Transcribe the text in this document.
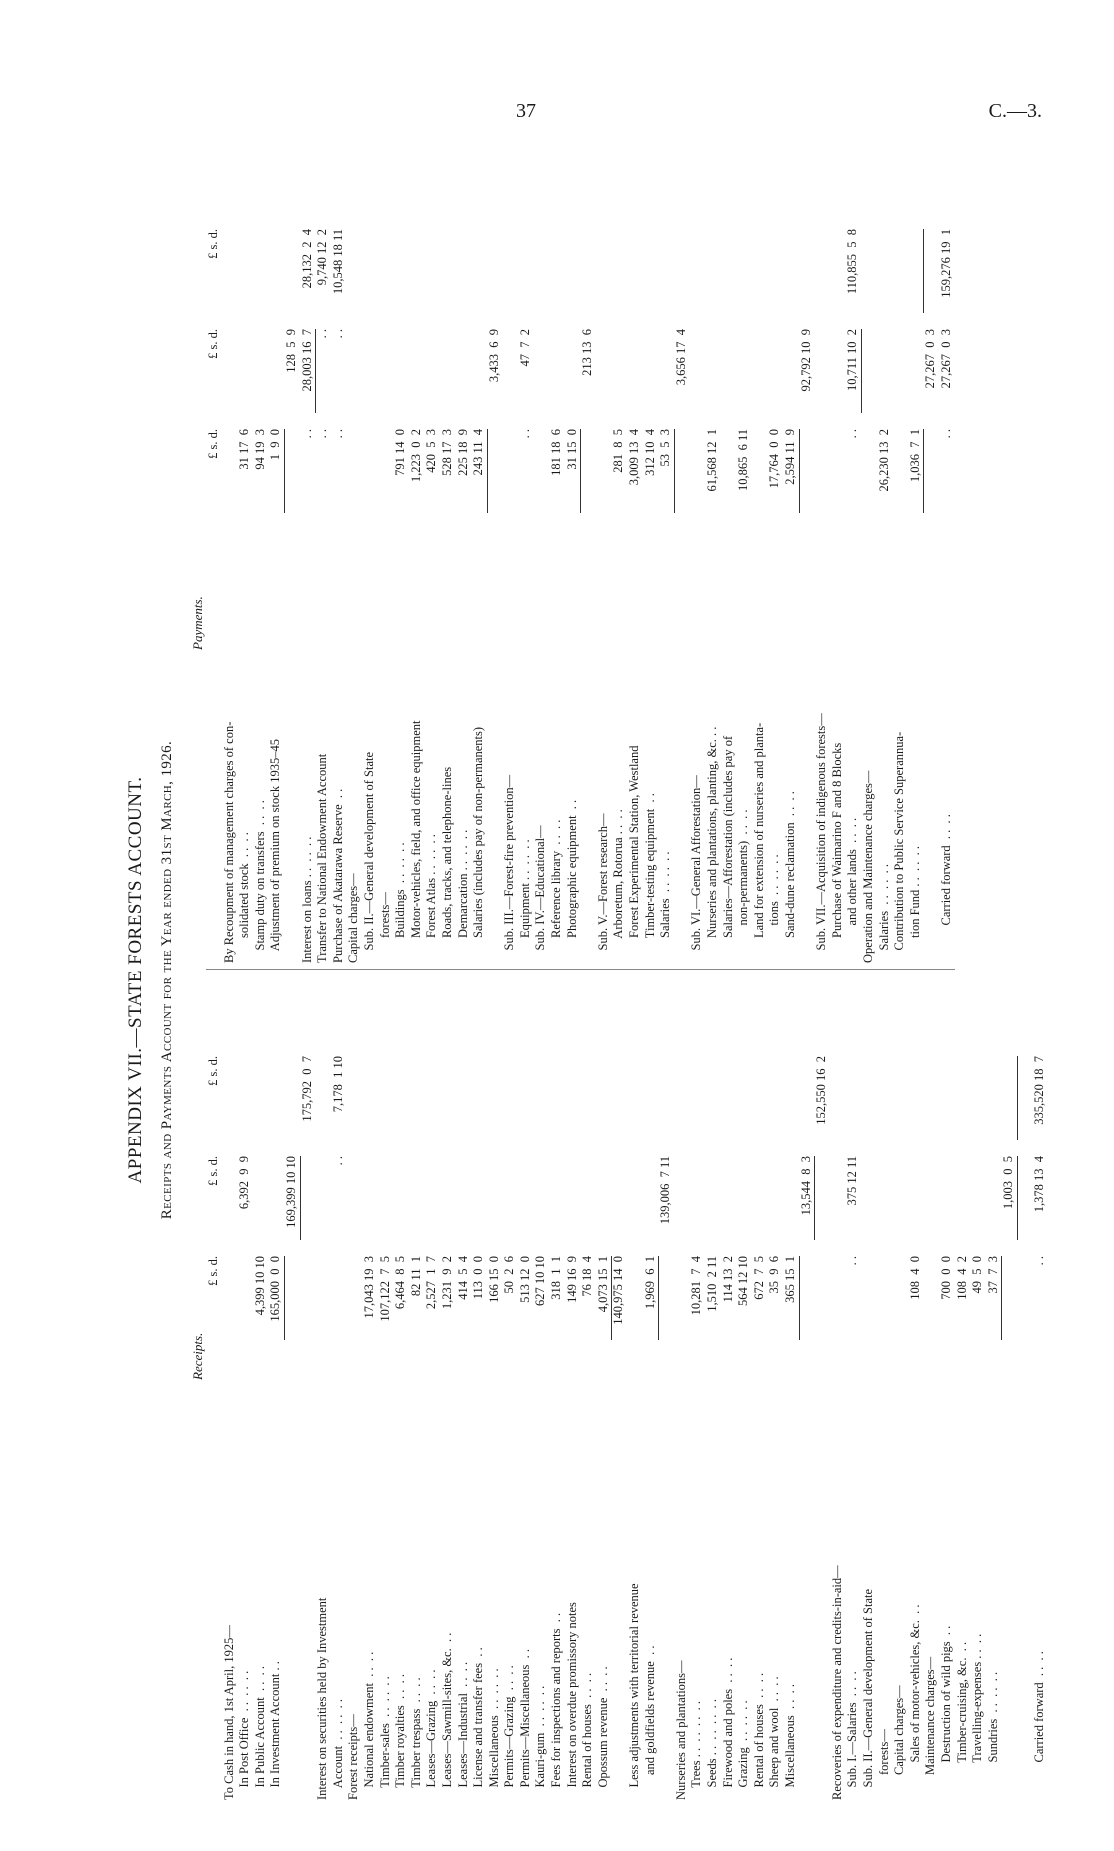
37	C.—3.
APPENDIX VII.—STATE FORESTS ACCOUNT. Receipts and Payments Account for the Year ended 31st March, 1926.
Receipts.
Payments.
£ s. d.
£ s. d.
£ s. d.
To Cash in hand, 1st April, 1925— In Post Office  . .  . .  . .
6,392  9  9
In Public Account  . .  . .
4,399 10 10
In Investment Account . .
165,000  0  0
169,399 10 10
175,792  0  7
Interest on securities held by Investment Account  . .  . .  . .
. .
7,178  1 10
Forest receipts— National endowment  . .  . .
17,043 19  3
Timber-sales  . .  . .  . .
107,122  7  5
Timber royalties  . .  . .
6,464  8  5
Timber trespass  . .  . .
82 11  1
Leases—Grazing  . .  . .
2,527  1  7
Leases—Sawmill-sites, &c.  . .
1,231  9  2
Leases—Industrial  . .  . .
414  5  4
License and transfer fees  . .
113  0  0
Miscellaneous  . .  . .  . .
166 15  0
Permits—Grazing  . .  . .
50  2  6
Permits—Miscellaneous  . .
513 12  0
Kauri-gum  . .  . .  . .
627 10 10
Fees for inspections and reports  . .
318  1  1
Interest on overdue promissory notes
149 16  9
Rental of houses  . .  . .
76 18  4
Opossum revenue  . .  . .
4,073 15  1 140,975 14  0
Less adjustments with territorial revenue and goldfields revenue  . .
1,969  6  1
139,006  7 11
Nurseries and plantations— Trees . .  . .  . .  . .
10,281  7  4
Seeds . .  . .  . .  . .
1,510  2 11
Firewood and poles  . .  . .
114 13  2
Grazing  . .  . .  . .
564 12 10
Rental of houses  . .  . .
672  7  5
Sheep and wool  . .  . .
35  9  6
Miscellaneous  . .  . .
365 15  1
13,544  8  3
152,550 16  2
Recoveries of expenditure and credits-in-aid— Sub. I.—Salaries  . .  . .
. .
375 12 11
Sub. II.—General development of State forests— Capital charges— Sales of motor-vehicles, &c.  . .
108  4  0
Maintenance charges— Destruction of wild pigs  . .
700  0  0
Timber-cruising, &c.  . .
108  4  2
Travelling-expenses . .  . .
49  5  0
Sundries  . .  . .  . .
37  7  3
1,003  0  5
Carried forward  . .  . .
. .
1,378 13  4
335,520 18  7
£ s. d.
£ s. d.
£ s. d.
By Recoupment of management charges of con- solidated stock  . .  . .
31 17  6
Stamp duty on transfers  . .  . .
94 19  3
Adjustment of premium on stock 1935–45
1  9  0
128  5  9
Interest on loans . .  . .  . .
. .
28,003 16  7
28,132  2  4
Transfer to National Endowment Account
. .
. .
9,740 12  2
Purchase of Akatarawa Reserve  . .
. .
. .
10,548 18 11
Capital charges— Sub. II.—General development of State forests— Buildings  . .  . .  . .
791 14  0
Motor-vehicles, field, and office equipment
1,223  0  2
Forest Atlas . .  . .  . .
420  5  3
Roads, tracks, and telephone-lines
528 17  3
Demarcation . .  . .  . .
225 18  9
Salaries (includes pay of non-permanents)
243 11  4
3,433  6  9
Sub. III.—Forest-fire prevention— Equipment . .  . .  . .
. .
47  7  2
Sub. IV.—Educational— Reference library  . .  . .
181 18  6
Photographic equipment  . .
31 15  0
213 13  6
Sub. V.—Forest research— Arboretum, Rotorua . .  . .
281  8  5
Forest Experimental Station, Westland
3,009 13  4
Timber-testing equipment  . .
312 10  4
Salaries  . .  . .  . .
53  5  3
3,656 17  4
Sub. VI.—General Afforestation— Nurseries and plantations, planting, &c. . .
61,568 12  1
Salaries—Afforestation (includes pay of non-permanents)  . .  . .
10,865  6 11
Land for extension of nurseries and planta- tions  . .  . .  . .
17,764  0  0
Sand-dune reclamation  . .  . .
2,594 11  9
92,792 10  9
Sub. VII.—Acquisition of indigenous forests— Purchase of Waimarino F and 8 Blocks and other lands  . .  . .
. .
10,711 10  2
110,855  5  8
Operation and Maintenance charges— Salaries  . .  . .  . .
26,230 13  2
Contribution to Public Service Superannua- tion Fund . .  . .  . .
1,036  7  1
27,267  0  3
Carried forward  . .  . .
. .
27,267  0  3
159,276 19  1
